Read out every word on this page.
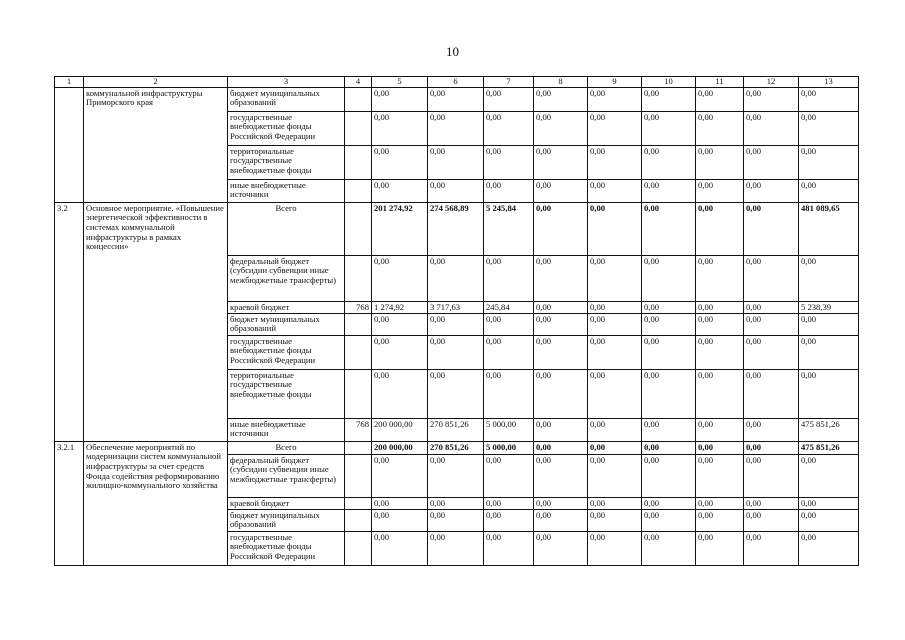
10
1	2	3	4	5	6	7	8	9	10	11	12	13
	коммунальной инфраструктуры Приморского края	бюджет муниципальных образований		0,00	0,00	0,00	0,00	0,00	0,00	0,00	0,00	0,00
		государственные внебюджетные фонды Российской Федерации		0,00	0,00	0,00	0,00	0,00	0,00	0,00	0,00	0,00
		территориальные государственные внебюджетные фонды		0,00	0,00	0,00	0,00	0,00	0,00	0,00	0,00	0,00
		иные внебюджетные источники		0,00	0,00	0,00	0,00	0,00	0,00	0,00	0,00	0,00
3.2	Основное мероприятие. «Повышение энергетической эффективности в системах коммунальной инфраструктуры в рамках концессии»	Всего		201 274,92	274 568,89	5 245,84	0,00	0,00	0,00	0,00	0,00	481 089,65
		федеральный бюджет (субсидии субвенции иные межбюджетные трансферты)		0,00	0,00	0,00	0,00	0,00	0,00	0,00	0,00	0,00
		краевой бюджет	768	1 274,92	3 717,63	245,84	0,00	0,00	0,00	0,00	0,00	5 238,39
		бюджет муниципальных образований		0,00	0,00	0,00	0,00	0,00	0,00	0,00	0,00	0,00
		государственные внебюджетные фонды Российской Федерации		0,00	0,00	0,00	0,00	0,00	0,00	0,00	0,00	0,00
		территориальные государственные внебюджетные фонды		0,00	0,00	0,00	0,00	0,00	0,00	0,00	0,00	0,00
		иные внебюджетные источники	768	200 000,00	270 851,26	5 000,00	0,00	0,00	0,00	0,00	0,00	475 851,26
3.2.1	Обеспечение мероприятий по модернизации систем коммунальной инфраструктуры за счет средств Фонда содействия реформированию жилищно-коммунального хозяйства	Всего		200 000,00	270 851,26	5 000,00	0,00	0,00	0,00	0,00	0,00	475 851,26
		федеральный бюджет (субсидии субвенции иные межбюджетные трансферты)		0,00	0,00	0,00	0,00	0,00	0,00	0,00	0,00	0,00
		краевой бюджет		0,00	0,00	0,00	0,00	0,00	0,00	0,00	0,00	0,00
		бюджет муниципальных образований		0,00	0,00	0,00	0,00	0,00	0,00	0,00	0,00	0,00
		государственные внебюджетные фонды Российской Федерации		0,00	0,00	0,00	0,00	0,00	0,00	0,00	0,00	0,00
